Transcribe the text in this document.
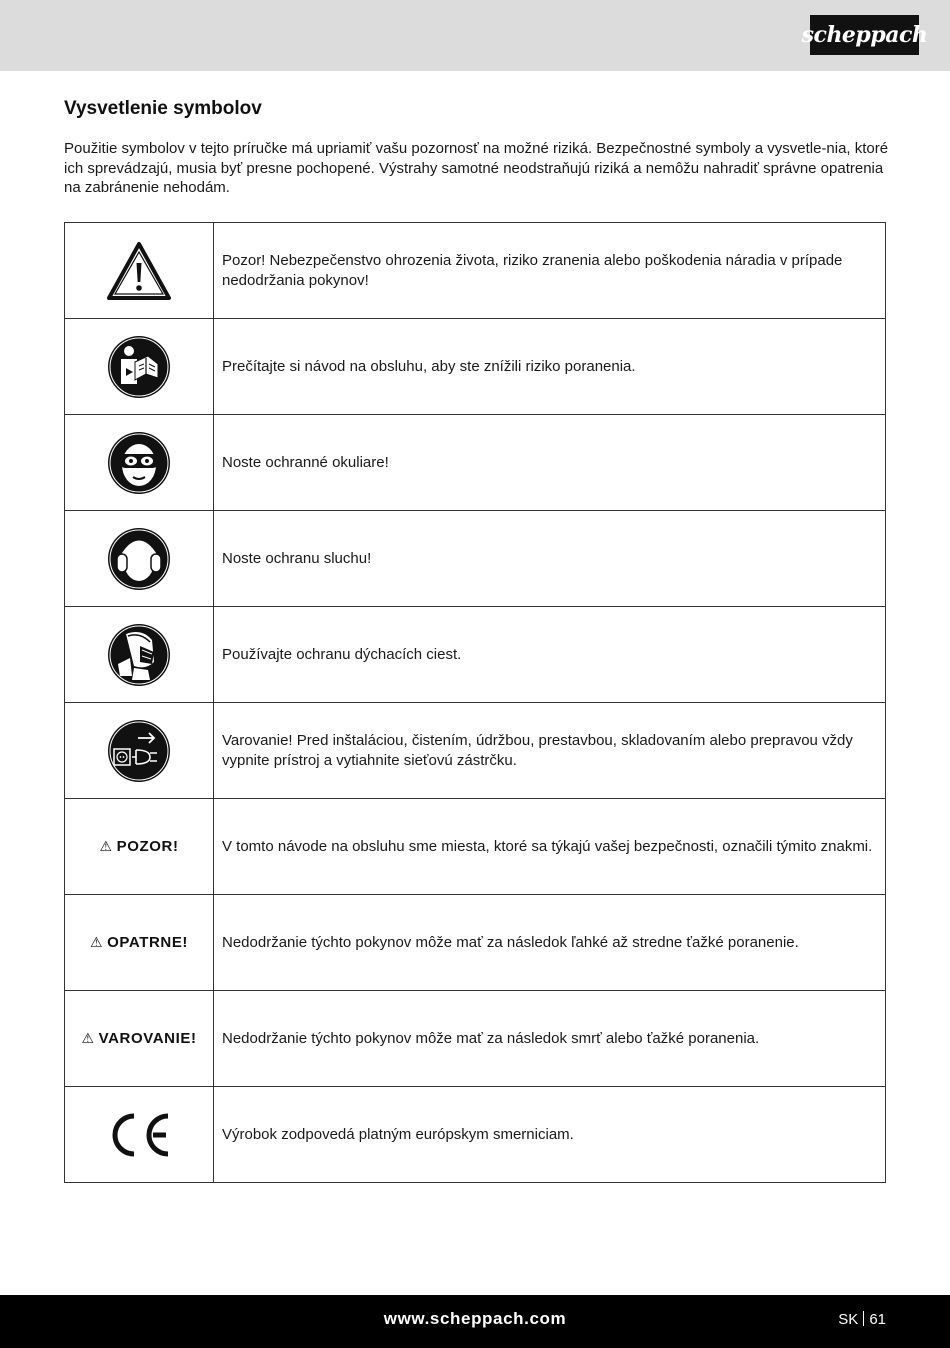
scheppach
Vysvetlenie symbolov

Použitie symbolov v tejto príručke má upriamiť vašu pozornosť na možné riziká. Bezpečnostné symboly a vysvetle-nia, ktoré ich sprevádzajú, musia byť presne pochopené. Výstrahy samotné neodstraňujú riziká a nemôžu nahradiť správne opatrenia na zabránenie nehodám.

	Pozor! Nebezpečenstvo ohrozenia života, riziko zranenia alebo poškodenia náradia v prípade nedodržania pokynov!

	Prečítajte si návod na obsluhu, aby ste znížili riziko poranenia.

	Noste ochranné okuliare!

	Noste ochranu sluchu!

	Používajte ochranu dýchacích ciest.

	Varovanie! Pred inštaláciou, čistením, údržbou, prestavbou, skladovaním alebo prepravou vždy vypnite prístroj a vytiahnite sieťovú zástrčku.
⚠ POZOR!	V tomto návode na obsluhu sme miesta, ktoré sa týkajú vašej bezpečnosti, označili týmito znakmi.
⚠ OPATRNE!	Nedodržanie týchto pokynov môže mať za následok ľahké až stredne ťažké poranenie.
⚠ VAROVANIE!	Nedodržanie týchto pokynov môže mať za následok smrť alebo ťažké poranenia.

	Výrobok zodpovedá platným európskym smerniciam.
www.scheppach.com	SK 61
